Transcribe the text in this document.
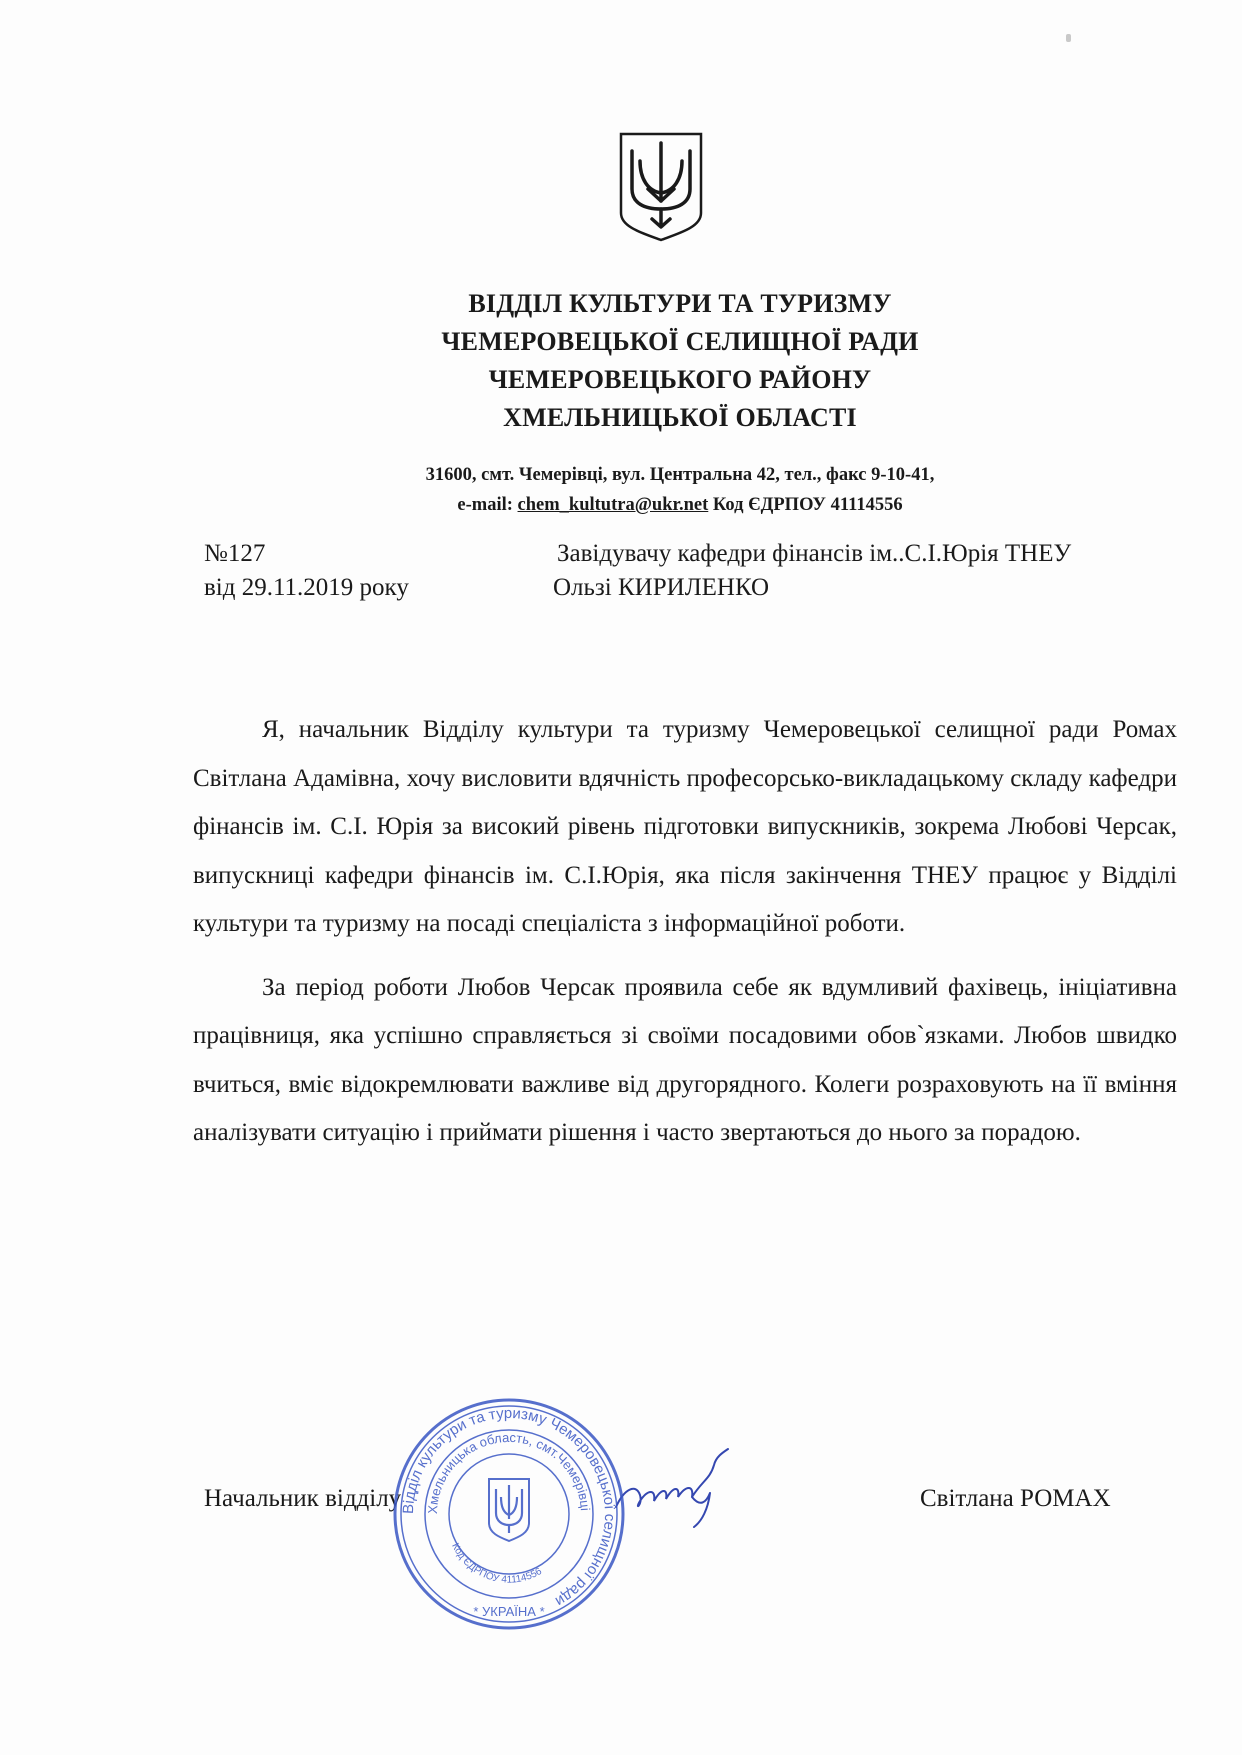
ВІДДІЛ КУЛЬТУРИ ТА ТУРИЗМУ
ЧЕМЕРОВЕЦЬКОЇ СЕЛИЩНОЇ РАДИ
ЧЕМЕРОВЕЦЬКОГО РАЙОНУ
ХМЕЛЬНИЦЬКОЇ ОБЛАСТІ
31600, смт. Чемерівці, вул. Центральна 42, тел., факс 9-10-41,
e-mail: chem_kultutra@ukr.net Код ЄДРПОУ 41114556
№127
від 29.11.2019 року
Завідувачу кафедри фінансів ім..С.І.Юрія ТНЕУ
Ользі КИРИЛЕНКО

Я, начальник Відділу культури та туризму Чемеровецької селищної ради Ромах Світлана Адамівна, хочу висловити вдячність професорсько-викладацькому складу кафедри фінансів ім. С.І. Юрія за високий рівень підготовки випускників, зокрема Любові Черсак, випускниці кафедри фінансів ім. С.І.Юрія, яка після закінчення ТНЕУ працює у Відділі культури та туризму на посаді спеціаліста з інформаційної роботи.

За період роботи Любов Черсак проявила себе як вдумливий фахівець, ініціативна працівниця, яка успішно справляється зі своїми посадовими обов`язками. Любов швидко вчиться, вміє відокремлювати важливе від другорядного. Колеги розраховують на її вміння аналізувати ситуацію і приймати рішення і часто звертаються до нього за порадою.

Начальник відділу	Світлана РОМАХ
Відділ культури та туризму Чемеровецької селищної ради
Хмельницька область, смт.Чемерівці
Код ЄДРПОУ 41114556
* УКРАЇНА *
